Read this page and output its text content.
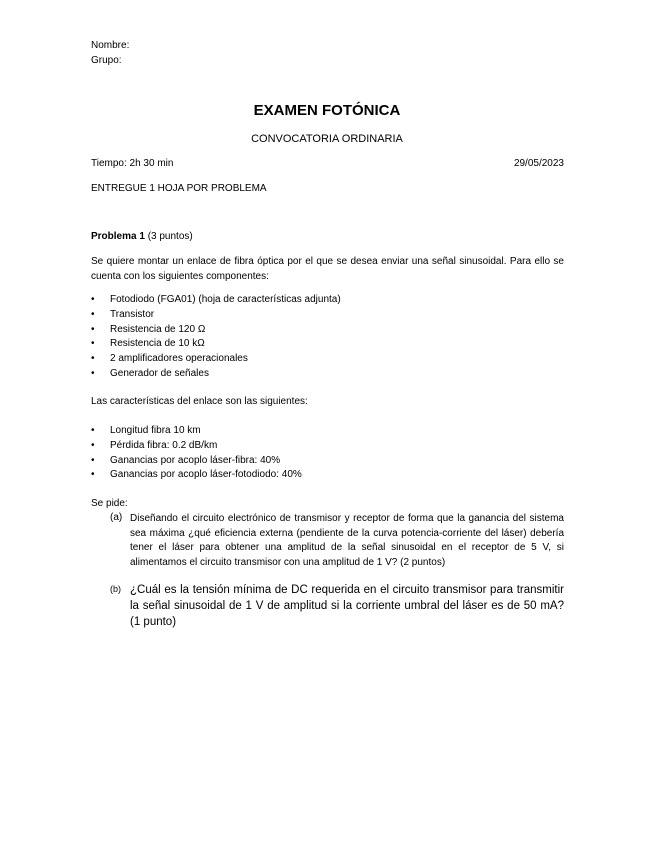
Nombre:
Grupo:
EXAMEN FOTÓNICA
CONVOCATORIA ORDINARIA
Tiempo: 2h 30 min	29/05/2023
ENTREGUE 1 HOJA POR PROBLEMA
Problema 1 (3 puntos)
Se quiere montar un enlace de fibra óptica por el que se desea enviar una señal sinusoidal. Para ello se cuenta con los siguientes componentes:
• Fotodiodo (FGA01) (hoja de características adjunta)
• Transistor
• Resistencia de 120 Ω
• Resistencia de 10 kΩ
• 2 amplificadores operacionales
• Generador de señales
Las características del enlace son las siguientes:
• Longitud fibra 10 km
• Pérdida fibra: 0.2 dB/km
• Ganancias por acoplo láser-fibra: 40%
• Ganancias por acoplo láser-fotodiodo: 40%
Se pide:
(a) Diseñando el circuito electrónico de transmisor y receptor de forma que la ganancia del sistema sea máxima ¿qué eficiencia externa (pendiente de la curva potencia-corriente del láser) debería tener el láser para obtener una amplitud de la señal sinusoidal en el receptor de 5 V, si alimentamos el circuito transmisor con una amplitud de 1 V? (2 puntos)
(b) ¿Cuál es la tensión mínima de DC requerida en el circuito transmisor para transmitir la señal sinusoidal de 1 V de amplitud si la corriente umbral del láser es de 50 mA? (1 punto)
